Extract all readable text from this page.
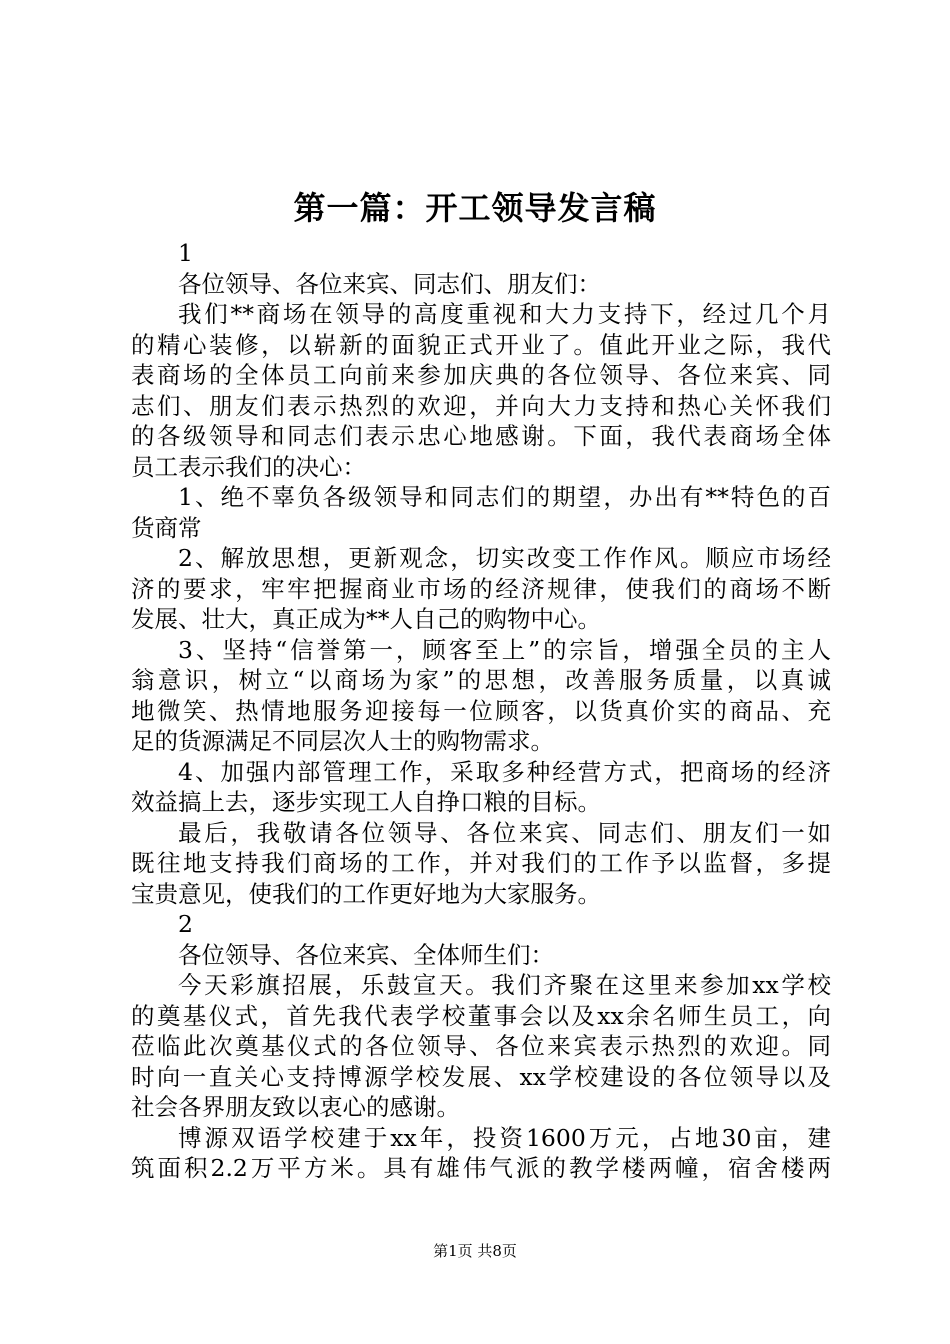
第一篇：开工领导发言稿
1
各位领导、各位来宾、同志们、朋友们：
我们**商场在领导的高度重视和大力支持下，经过几个月
的精心装修，以崭新的面貌正式开业了。值此开业之际，我代
表商场的全体员工向前来参加庆典的各位领导、各位来宾、同
志们、朋友们表示热烈的欢迎，并向大力支持和热心关怀我们
的各级领导和同志们表示忠心地感谢。下面，我代表商场全体
员工表示我们的决心：
1、绝不辜负各级领导和同志们的期望，办出有**特色的百
货商常
2、解放思想，更新观念，切实改变工作作风。顺应市场经
济的要求，牢牢把握商业市场的经济规律，使我们的商场不断
发展、壮大，真正成为**人自己的购物中心。
3、坚持“信誉第一，顾客至上”的宗旨，增强全员的主人
翁意识，树立“以商场为家”的思想，改善服务质量，以真诚
地微笑、热情地服务迎接每一位顾客，以货真价实的商品、充
足的货源满足不同层次人士的购物需求。
4、加强内部管理工作，采取多种经营方式，把商场的经济
效益搞上去，逐步实现工人自挣口粮的目标。
最后，我敬请各位领导、各位来宾、同志们、朋友们一如
既往地支持我们商场的工作，并对我们的工作予以监督，多提
宝贵意见，使我们的工作更好地为大家服务。
2
各位领导、各位来宾、全体师生们：
今天彩旗招展，乐鼓宣天。我们齐聚在这里来参加xx学校
的奠基仪式，首先我代表学校董事会以及xx余名师生员工，向
莅临此次奠基仪式的各位领导、各位来宾表示热烈的欢迎。同
时向一直关心支持博源学校发展、xx学校建设的各位领导以及
社会各界朋友致以衷心的感谢。
博源双语学校建于xx年，投资1600万元，占地30亩，建
筑面积2.2万平方米。具有雄伟气派的教学楼两幢，宿舍楼两
第1页 共8页
